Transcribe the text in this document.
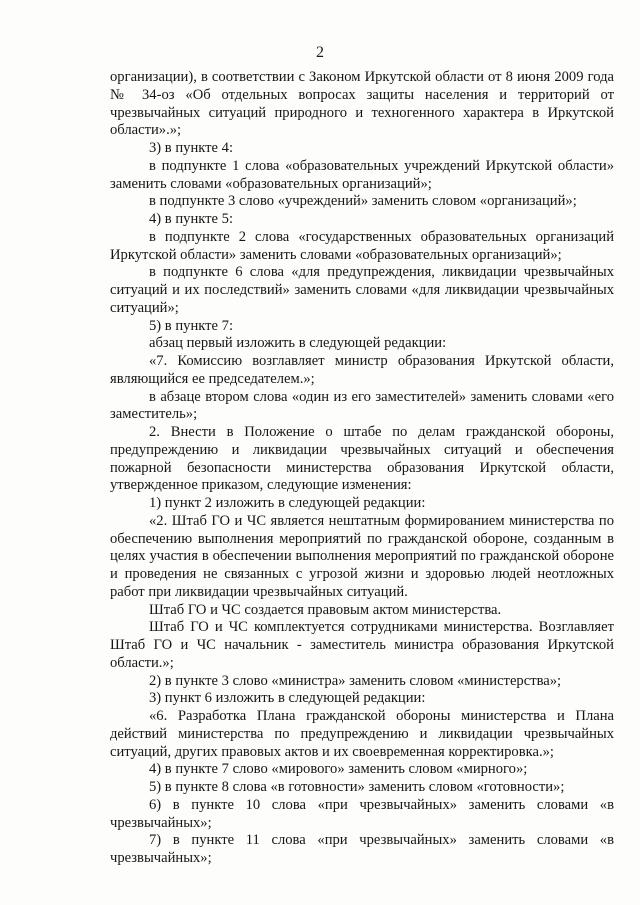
2

организации), в соответствии с Законом Иркутской области от 8 июня 2009 года № 34-оз «Об отдельных вопросах защиты населения и территорий от чрезвычайных ситуаций природного и техногенного характера в Иркутской области».»;

3) в пункте 4:

в подпункте 1 слова «образовательных учреждений Иркутской области» заменить словами «образовательных организаций»;

в подпункте 3 слово «учреждений» заменить словом «организаций»;

4) в пункте 5:

в подпункте 2 слова «государственных образовательных организаций Иркутской области» заменить словами «образовательных организаций»;

в подпункте 6 слова «для предупреждения, ликвидации чрезвычайных ситуаций и их последствий» заменить словами «для ликвидации чрезвычайных ситуаций»;

5) в пункте 7:

абзац первый изложить в следующей редакции:

«7. Комиссию возглавляет министр образования Иркутской области, являющийся ее председателем.»;

в абзаце втором слова «один из его заместителей» заменить словами «его заместитель»;

2. Внести в Положение о штабе по делам гражданской обороны, предупреждению и ликвидации чрезвычайных ситуаций и обеспечения пожарной безопасности министерства образования Иркутской области, утвержденное приказом, следующие изменения:

1) пункт 2 изложить в следующей редакции:

«2. Штаб ГО и ЧС является нештатным формированием министерства по обеспечению выполнения мероприятий по гражданской обороне, созданным в целях участия в обеспечении выполнения мероприятий по гражданской обороне и проведения не связанных с угрозой жизни и здоровью людей неотложных работ при ликвидации чрезвычайных ситуаций.

Штаб ГО и ЧС создается правовым актом министерства.

Штаб ГО и ЧС комплектуется сотрудниками министерства. Возглавляет Штаб ГО и ЧС начальник - заместитель министра образования Иркутской области.»;

2) в пункте 3 слово «министра» заменить словом «министерства»;

3) пункт 6 изложить в следующей редакции:

«6. Разработка Плана гражданской обороны министерства и Плана действий министерства по предупреждению и ликвидации чрезвычайных ситуаций, других правовых актов и их своевременная корректировка.»;

4) в пункте 7 слово «мирового» заменить словом «мирного»;

5) в пункте 8 слова «в готовности» заменить словом «готовности»;

6) в пункте 10 слова «при чрезвычайных» заменить словами «в чрезвычайных»;

7) в пункте 11 слова «при чрезвычайных» заменить словами «в чрезвычайных»;
